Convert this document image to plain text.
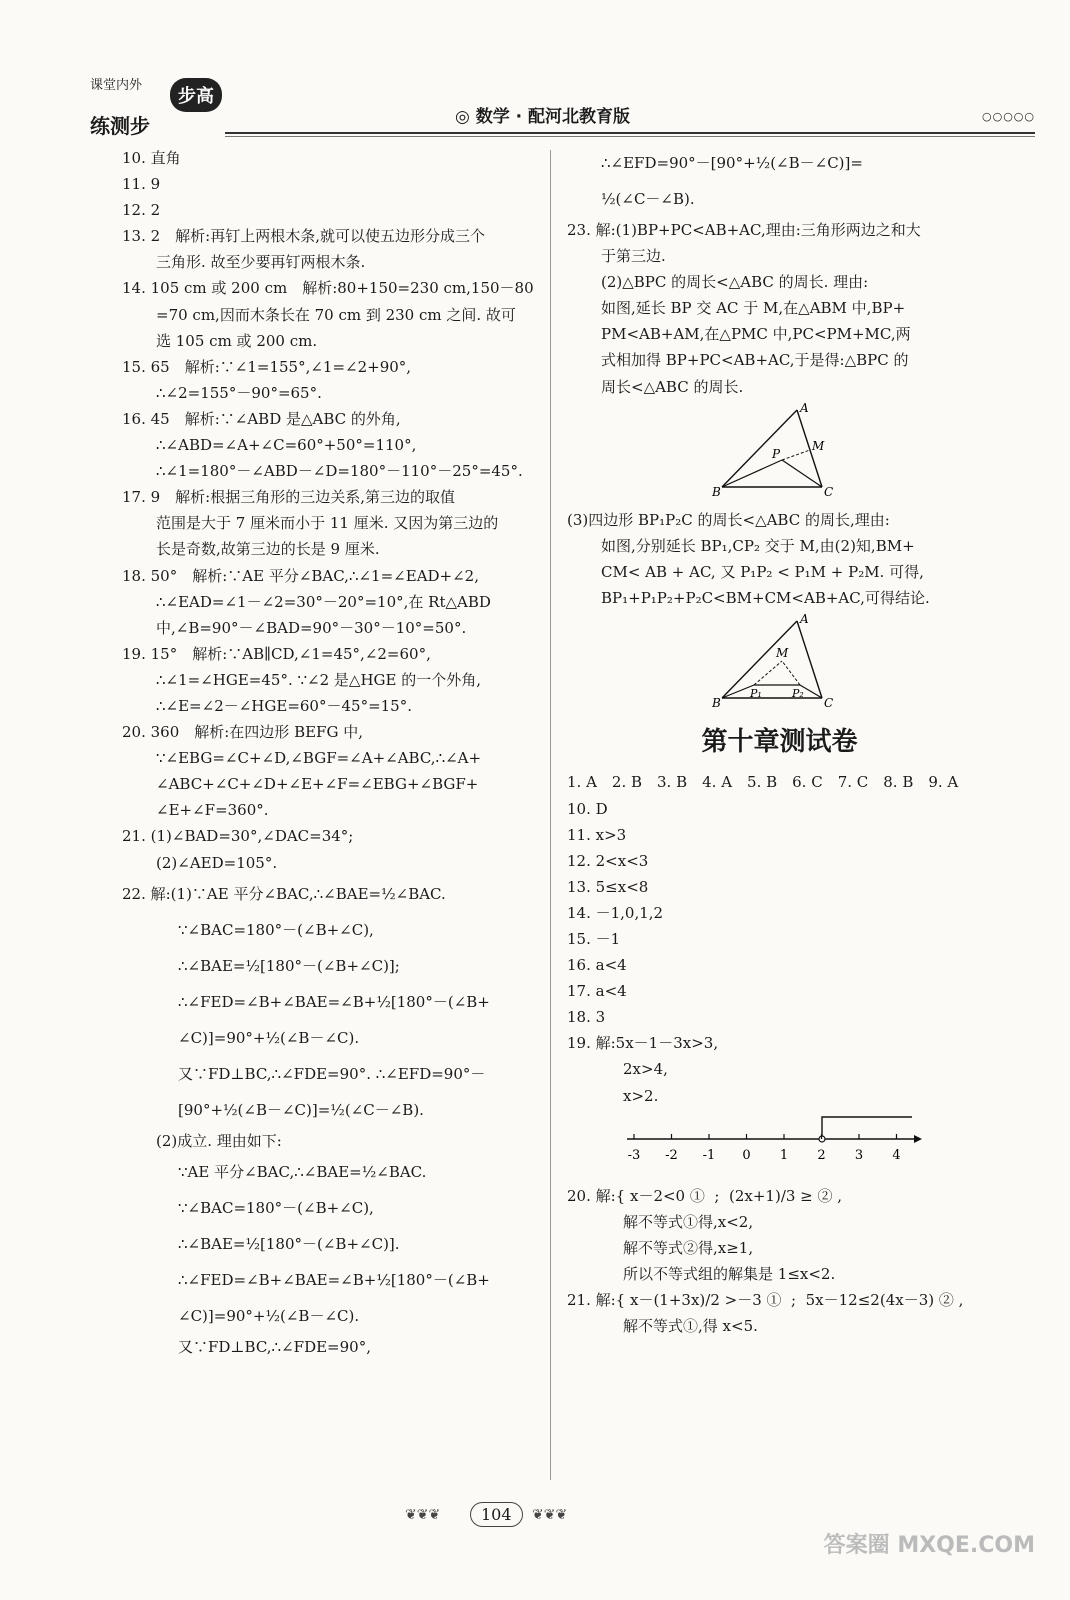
课堂内外
练测步
步高
◎ 数学 · 配河北教育版	○○○○○
10. 直角
11. 9
12. 2
13. 2　解析:再钉上两根木条,就可以使五边形分成三个
三角形. 故至少要再钉两根木条.
14. 105 cm 或 200 cm　解析:80+150=230 cm,150－80
=70 cm,因而木条长在 70 cm 到 230 cm 之间. 故可
选 105 cm 或 200 cm.
15. 65　解析:∵∠1=155°,∠1=∠2+90°,
∴∠2=155°－90°=65°.
16. 45　解析:∵∠ABD 是△ABC 的外角,
∴∠ABD=∠A+∠C=60°+50°=110°,
∴∠1=180°－∠ABD－∠D=180°－110°－25°=45°.
17. 9　解析:根据三角形的三边关系,第三边的取值
范围是大于 7 厘米而小于 11 厘米. 又因为第三边的
长是奇数,故第三边的长是 9 厘米.
18. 50°　解析:∵AE 平分∠BAC,∴∠1=∠EAD+∠2,
∴∠EAD=∠1－∠2=30°－20°=10°,在 Rt△ABD
中,∠B=90°－∠BAD=90°－30°－10°=50°.
19. 15°　解析:∵AB∥CD,∠1=45°,∠2=60°,
∴∠1=∠HGE=45°. ∵∠2 是△HGE 的一个外角,
∴∠E=∠2－∠HGE=60°－45°=15°.
20. 360　解析:在四边形 BEFG 中,
∵∠EBG=∠C+∠D,∠BGF=∠A+∠ABC,∴∠A+
∠ABC+∠C+∠D+∠E+∠F=∠EBG+∠BGF+
∠E+∠F=360°.
21. (1)∠BAD=30°,∠DAC=34°;
(2)∠AED=105°.
22. 解:(1)∵AE 平分∠BAC,∴∠BAE=½∠BAC.
∵∠BAC=180°－(∠B+∠C),
∴∠BAE=½[180°－(∠B+∠C)];
∴∠FED=∠B+∠BAE=∠B+½[180°－(∠B+
∠C)]=90°+½(∠B－∠C).
又∵FD⊥BC,∴∠FDE=90°. ∴∠EFD=90°－
[90°+½(∠B－∠C)]=½(∠C－∠B).
(2)成立. 理由如下:
∵AE 平分∠BAC,∴∠BAE=½∠BAC.
∵∠BAC=180°－(∠B+∠C),
∴∠BAE=½[180°－(∠B+∠C)].
∴∠FED=∠B+∠BAE=∠B+½[180°－(∠B+
∠C)]=90°+½(∠B－∠C).
又∵FD⊥BC,∴∠FDE=90°,
∴∠EFD=90°－[90°+½(∠B－∠C)]=
½(∠C－∠B).
23. 解:(1)BP+PC<AB+AC,理由:三角形两边之和大
于第三边.
(2)△BPC 的周长<△ABC 的周长. 理由:
如图,延长 BP 交 AC 于 M,在△ABM 中,BP+
PM<AB+AM,在△PMC 中,PC<PM+MC,两
式相加得 BP+PC<AB+AC,于是得:△BPC 的
周长<△ABC 的周长.
A
B	C
M
P
(3)四边形 BP₁P₂C 的周长<△ABC 的周长,理由:
如图,分别延长 BP₁,CP₂ 交于 M,由(2)知,BM+
CM< AB + AC, 又 P₁P₂ < P₁M + P₂M. 可得,
BP₁+P₁P₂+P₂C<BM+CM<AB+AC,可得结论.
A
B	C
M
P₁	P₂
第十章测试卷
1. A　2. B　3. B　4. A　5. B　6. C　7. C　8. B　9. A
10. D
11. x>3
12. 2<x<3
13. 5≤x<8
14. －1,0,1,2
15. －1
16. a<4
17. a<4
18. 3
19. 解:5x－1－3x>3,
2x>4,
x>2.
-3 -2 -1 0 1 2 3 4
20. 解:{ x－2<0 ①  ;  (2x+1)/3 ≥ ② ,
解不等式①得,x<2,
解不等式②得,x≥1,
所以不等式组的解集是 1≤x<2.
21. 解:{ x－(1+3x)/2 >－3 ①  ;  5x－12≤2(4x－3) ② ,
解不等式①,得 x<5.
❦❦❦	104	❦❦❦
答案圈 MXQE.COM
